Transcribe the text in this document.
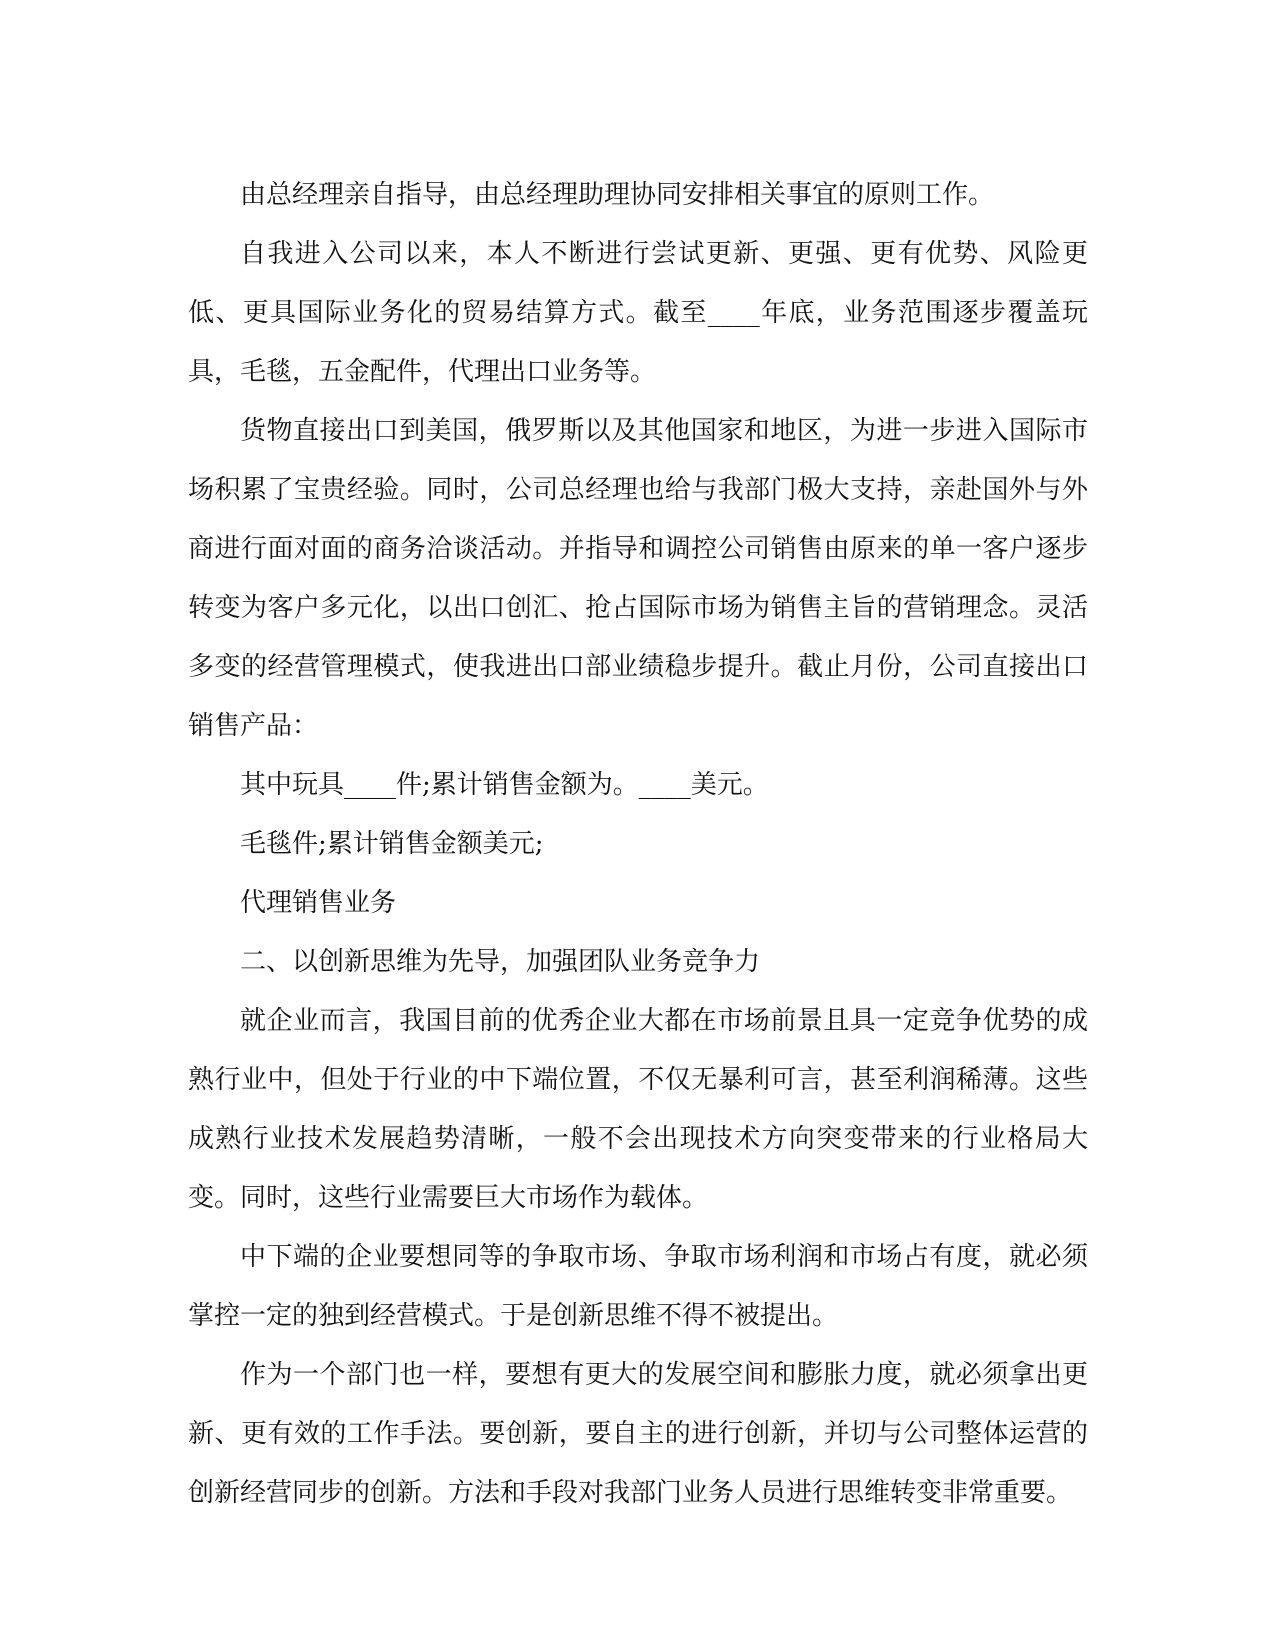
由总经理亲自指导，由总经理助理协同安排相关事宜的原则工作。

自我进入公司以来，本人不断进行尝试更新、更强、更有优势、风险更低、更具国际业务化的贸易结算方式。截至____年底，业务范围逐步覆盖玩具，毛毯，五金配件，代理出口业务等。

货物直接出口到美国，俄罗斯以及其他国家和地区，为进一步进入国际市场积累了宝贵经验。同时，公司总经理也给与我部门极大支持，亲赴国外与外商进行面对面的商务洽谈活动。并指导和调控公司销售由原来的单一客户逐步转变为客户多元化，以出口创汇、抢占国际市场为销售主旨的营销理念。灵活多变的经营管理模式，使我进出口部业绩稳步提升。截止月份，公司直接出口销售产品：

其中玩具____件;累计销售金额为。____美元。

毛毯件;累计销售金额美元;

代理销售业务

二、以创新思维为先导，加强团队业务竞争力

就企业而言，我国目前的优秀企业大都在市场前景且具一定竞争优势的成熟行业中，但处于行业的中下端位置，不仅无暴利可言，甚至利润稀薄。这些成熟行业技术发展趋势清晰，一般不会出现技术方向突变带来的行业格局大变。同时，这些行业需要巨大市场作为载体。

中下端的企业要想同等的争取市场、争取市场利润和市场占有度，就必须掌控一定的独到经营模式。于是创新思维不得不被提出。

作为一个部门也一样，要想有更大的发展空间和膨胀力度，就必须拿出更新、更有效的工作手法。要创新，要自主的进行创新，并切与公司整体运营的创新经营同步的创新。方法和手段对我部门业务人员进行思维转变非常重要。
